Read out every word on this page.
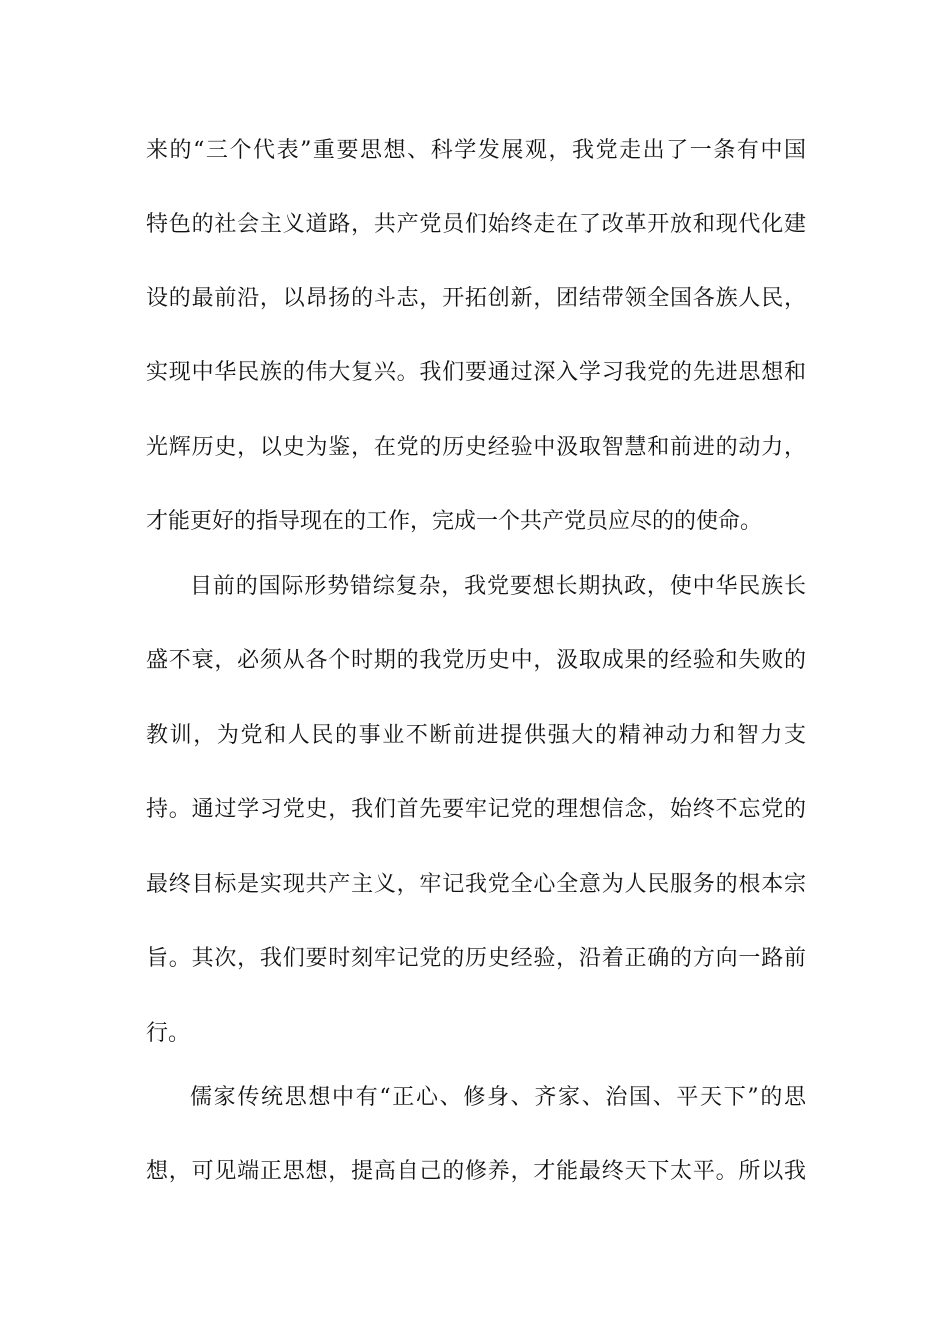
来的“三个代表”重要思想、科学发展观，我党走出了一条有中国
特色的社会主义道路，共产党员们始终走在了改革开放和现代化建
设的最前沿，以昂扬的斗志，开拓创新，团结带领全国各族人民，
实现中华民族的伟大复兴。我们要通过深入学习我党的先进思想和
光辉历史，以史为鉴，在党的历史经验中汲取智慧和前进的动力，
才能更好的指导现在的工作，完成一个共产党员应尽的的使命。
目前的国际形势错综复杂，我党要想长期执政，使中华民族长
盛不衰，必须从各个时期的我党历史中，汲取成果的经验和失败的
教训，为党和人民的事业不断前进提供强大的精神动力和智力支
持。通过学习党史，我们首先要牢记党的理想信念，始终不忘党的
最终目标是实现共产主义，牢记我党全心全意为人民服务的根本宗
旨。其次，我们要时刻牢记党的历史经验，沿着正确的方向一路前
行。
儒家传统思想中有“正心、修身、齐家、治国、平天下”的思
想，可见端正思想，提高自己的修养，才能最终天下太平。所以我
